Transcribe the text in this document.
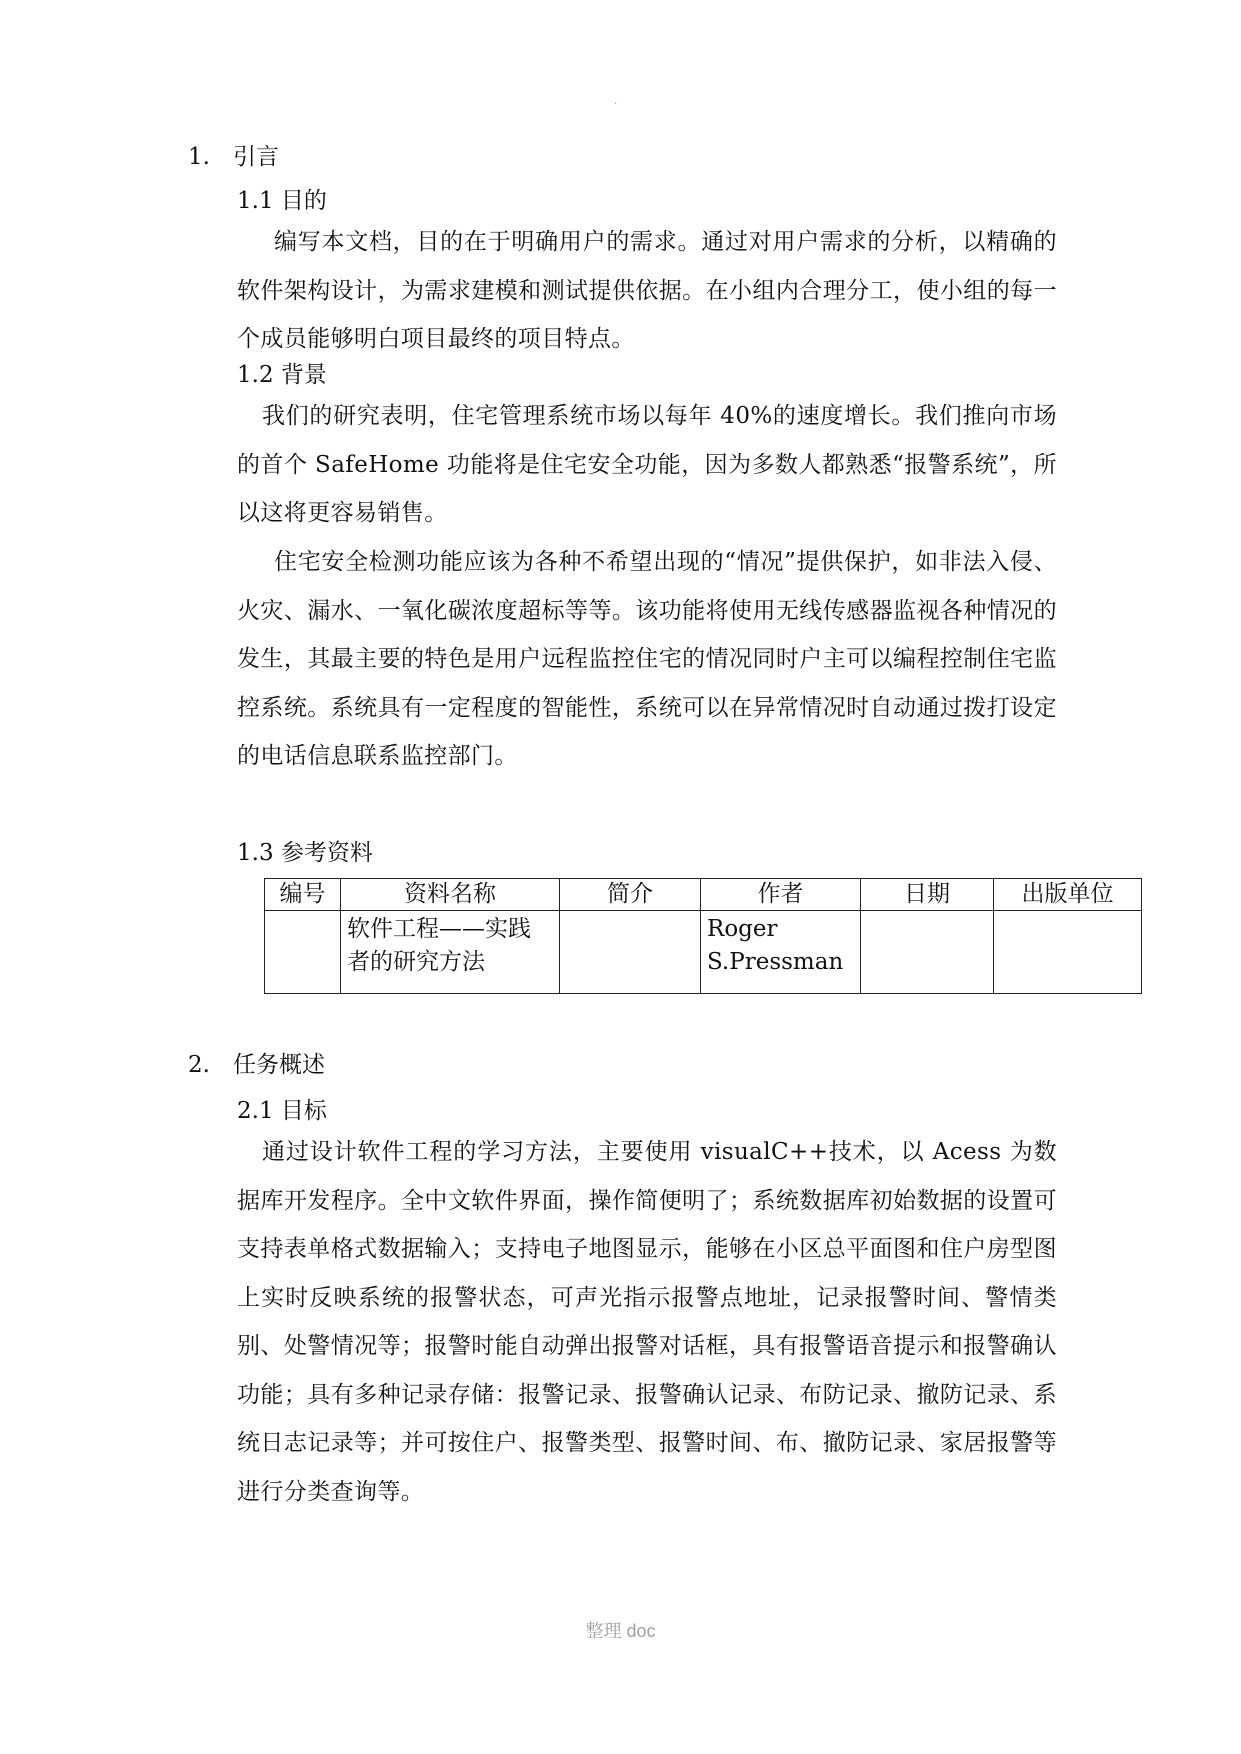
.
1. 引言
1.1 目的

编写本文档，目的在于明确用户的需求。通过对用户需求的分析，以精确的软件架构设计，为需求建模和测试提供依据。在小组内合理分工，使小组的每一个成员能够明白项目最终的项目特点。

1.2 背景

我们的研究表明，住宅管理系统市场以每年 40%的速度增长。我们推向市场的首个 SafeHome 功能将是住宅安全功能，因为多数人都熟悉“报警系统”，所以这将更容易销售。

住宅安全检测功能应该为各种不希望出现的“情况”提供保护，如非法入侵、火灾、漏水、一氧化碳浓度超标等等。该功能将使用无线传感器监视各种情况的发生，其最主要的特色是用户远程监控住宅的情况同时户主可以编程控制住宅监控系统。系统具有一定程度的智能性，系统可以在异常情况时自动通过拨打设定的电话信息联系监控部门。

1.3 参考资料
编号	资料名称	简介	作者	日期	出版单位
	软件工程——实践者的研究方法		Roger S.Pressman		
2. 任务概述
2.1 目标

通过设计软件工程的学习方法，主要使用 visualC++技术，以 Acess 为数据库开发程序。全中文软件界面，操作简便明了；系统数据库初始数据的设置可支持表单格式数据输入；支持电子地图显示，能够在小区总平面图和住户房型图上实时反映系统的报警状态，可声光指示报警点地址，记录报警时间、警情类别、处警情况等；报警时能自动弹出报警对话框，具有报警语音提示和报警确认功能；具有多种记录存储：报警记录、报警确认记录、布防记录、撤防记录、系统日志记录等；并可按住户、报警类型、报警时间、布、撤防记录、家居报警等进行分类查询等。

整理 doc
